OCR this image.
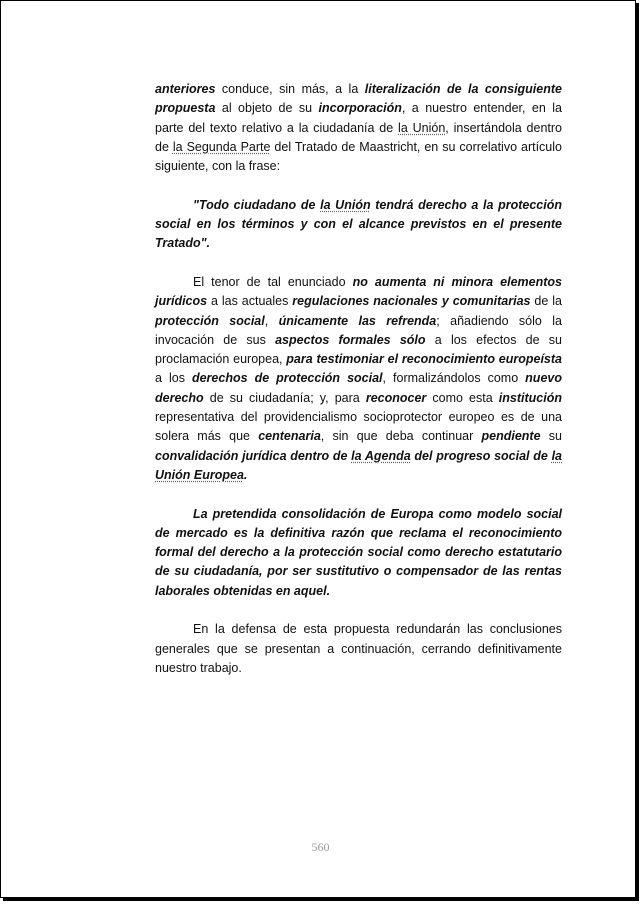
anteriores conduce, sin más, a la literalización de la consiguiente propuesta al objeto de su incorporación, a nuestro entender, en la parte del texto relativo a la ciudadanía de la Unión, insertándola dentro de la Segunda Parte del Tratado de Maastricht, en su correlativo artículo siguiente, con la frase:

"Todo ciudadano de la Unión tendrá derecho a la protección social en los términos y con el alcance previstos en el presente Tratado".

El tenor de tal enunciado no aumenta ni minora elementos jurídicos a las actuales regulaciones nacionales y comunitarias de la protección social, únicamente las refrenda; añadiendo sólo la invocación de sus aspectos formales sólo a los efectos de su proclamación europea, para testimoniar el reconocimiento europeísta a los derechos de protección social, formalizándolos como nuevo derecho de su ciudadanía; y, para reconocer como esta institución representativa del providencialismo socioprotector europeo es de una solera más que centenaria, sin que deba continuar pendiente su convalidación jurídica dentro de la Agenda del progreso social de la Unión Europea.

La pretendida consolidación de Europa como modelo social de mercado es la definitiva razón que reclama el reconocimiento formal del derecho a la protección social como derecho estatutario de su ciudadanía, por ser sustitutivo o compensador de las rentas laborales obtenidas en aquel.

En la defensa de esta propuesta redundarán las conclusiones generales que se presentan a continuación, cerrando definitivamente nuestro trabajo.

560
